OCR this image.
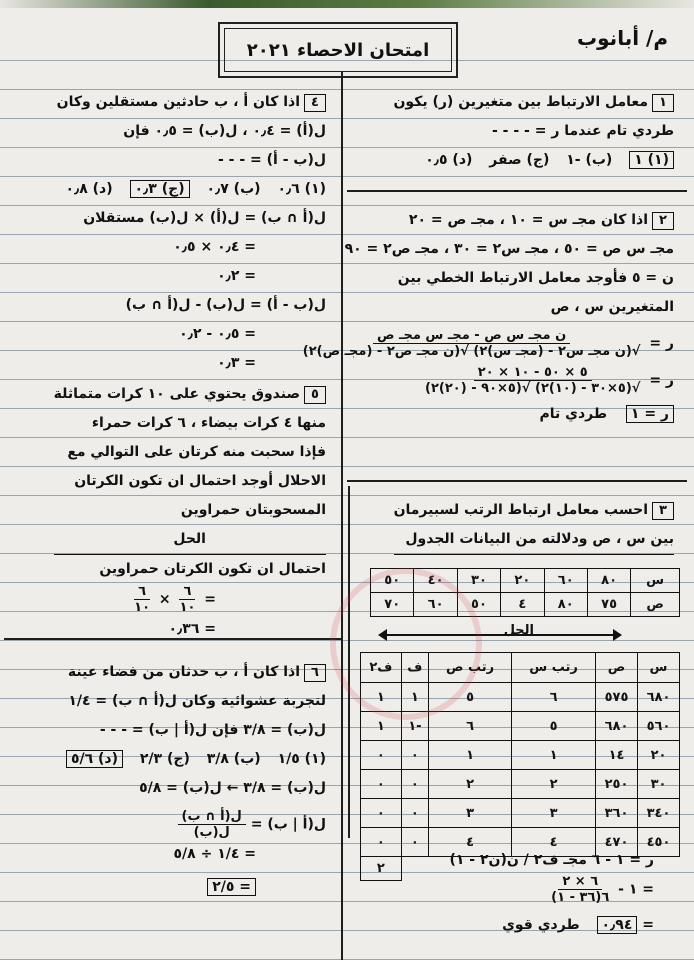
م/ أبانوب
امتحان الاحصاء ٢٠٢١
١معامل الارتباط بين متغيرين (ر) يكون
طردي تام عندما ر = - - - -
(١) ١ (ب) -١ (ج) صفر (د) ٠٫٥
٢اذا كان مجـ س = ١٠ ، مجـ ص = ٢٠
مجـ س ص = ٥٠ ، مجـ س٢ = ٣٠ ، مجـ ص٢ = ٩٠
ن = ٥ فأوجد معامل الارتباط الخطي بين
المتغيرين س ، ص
ر =
$\frac{\text{ن مجـ س ص - مجـ س مجـ ص}}{\text{√(ن مجـ س٢ - (مجـ س)٢) √(ن مجـ ص٢ - (مجـ ص)٢)}}$
ر =
$\frac{٥ \times ٥٠ - ١٠ \times ٢٠}{√(٥\times ٣٠ - (١٠)٢) √(٥\times ٩٠ - (٢٠)٢)}$
ر = ١ طردي تام
٣احسب معامل ارتباط الرتب لسبيرمان
بين س ، ص ودلالته من البيانات الجدول
س	٨٠	٦٠	٢٠	٣٠	٤٠	٥٠
ص	٧٥	٨٠	٤	٥٠	٦٠	٧٠
الحل
س	ص	رتب س	رتب ص	ف	ف٢
٦٨٠	٥٧٥	٦	٥	١	١
٥٦٠	٦٨٠	٥	٦	-١	١
٢٠	١٤	١	١	٠	٠
٣٠	٢٥٠	٢	٢	٠	٠
٣٤٠	٣٦٠	٣	٣	٠	٠
٤٥٠	٤٧٠	٤	٤	٠	٠
					٢
ر = ١ - ٦ مجـ ف٢ / ن(ن٢ - ١)
= ١ -
$\frac{٦ \times ٢}{٦(٣٦ - ١)}$
= ٠٫٩٤ طردي قوي
٤اذا كان أ ، ب حادثين مستقلين وكان
ل(أ) = ٠٫٤ ، ل(ب) = ٠٫٥ فإن
ل(ب - أ) = - - -
(١) ٠٫٦ (ب) ٠٫٧ (ج) ٠٫٣ (د) ٠٫٨
ل(أ ∩ ب) = ل(أ) × ل(ب) مستقلان
= ٠٫٤ × ٠٫٥
= ٠٫٢
ل(ب - أ) = ل(ب) - ل(أ ∩ ب)
= ٠٫٥ - ٠٫٢
= ٠٫٣
٥صندوق يحتوي على ١٠ كرات متماثلة
منها ٤ كرات بيضاء ، ٦ كرات حمراء
فإذا سحبت منه كرتان على التوالي مع
الاحلال أوجد احتمال ان تكون الكرتان
المسحوبتان حمراوين
الحل
احتمال ان تكون الكرتان حمراوين
=
$\frac{٦}{١٠}$
×
$\frac{٦}{١٠}$
= ٠٫٣٦
٦اذا كان أ ، ب حدثان من فضاء عينة
لتجربة عشوائية وكان ل(أ ∩ ب) = ١/٤
ل(ب) = ٣/٨ فإن ل(أ | ب) = - - -
(١) ١/٥ (ب) ٣/٨ (ج) ٢/٣ (د) ٥/٦
ل(ب) = ٣/٨ ← ل(ب) = ٥/٨
ل(أ | ب) =
$\frac{\text{ل(أ ∩ ب)}}{\text{ل(ب)}}$
= ١/٤ ÷ ٥/٨
= ٢/٥
